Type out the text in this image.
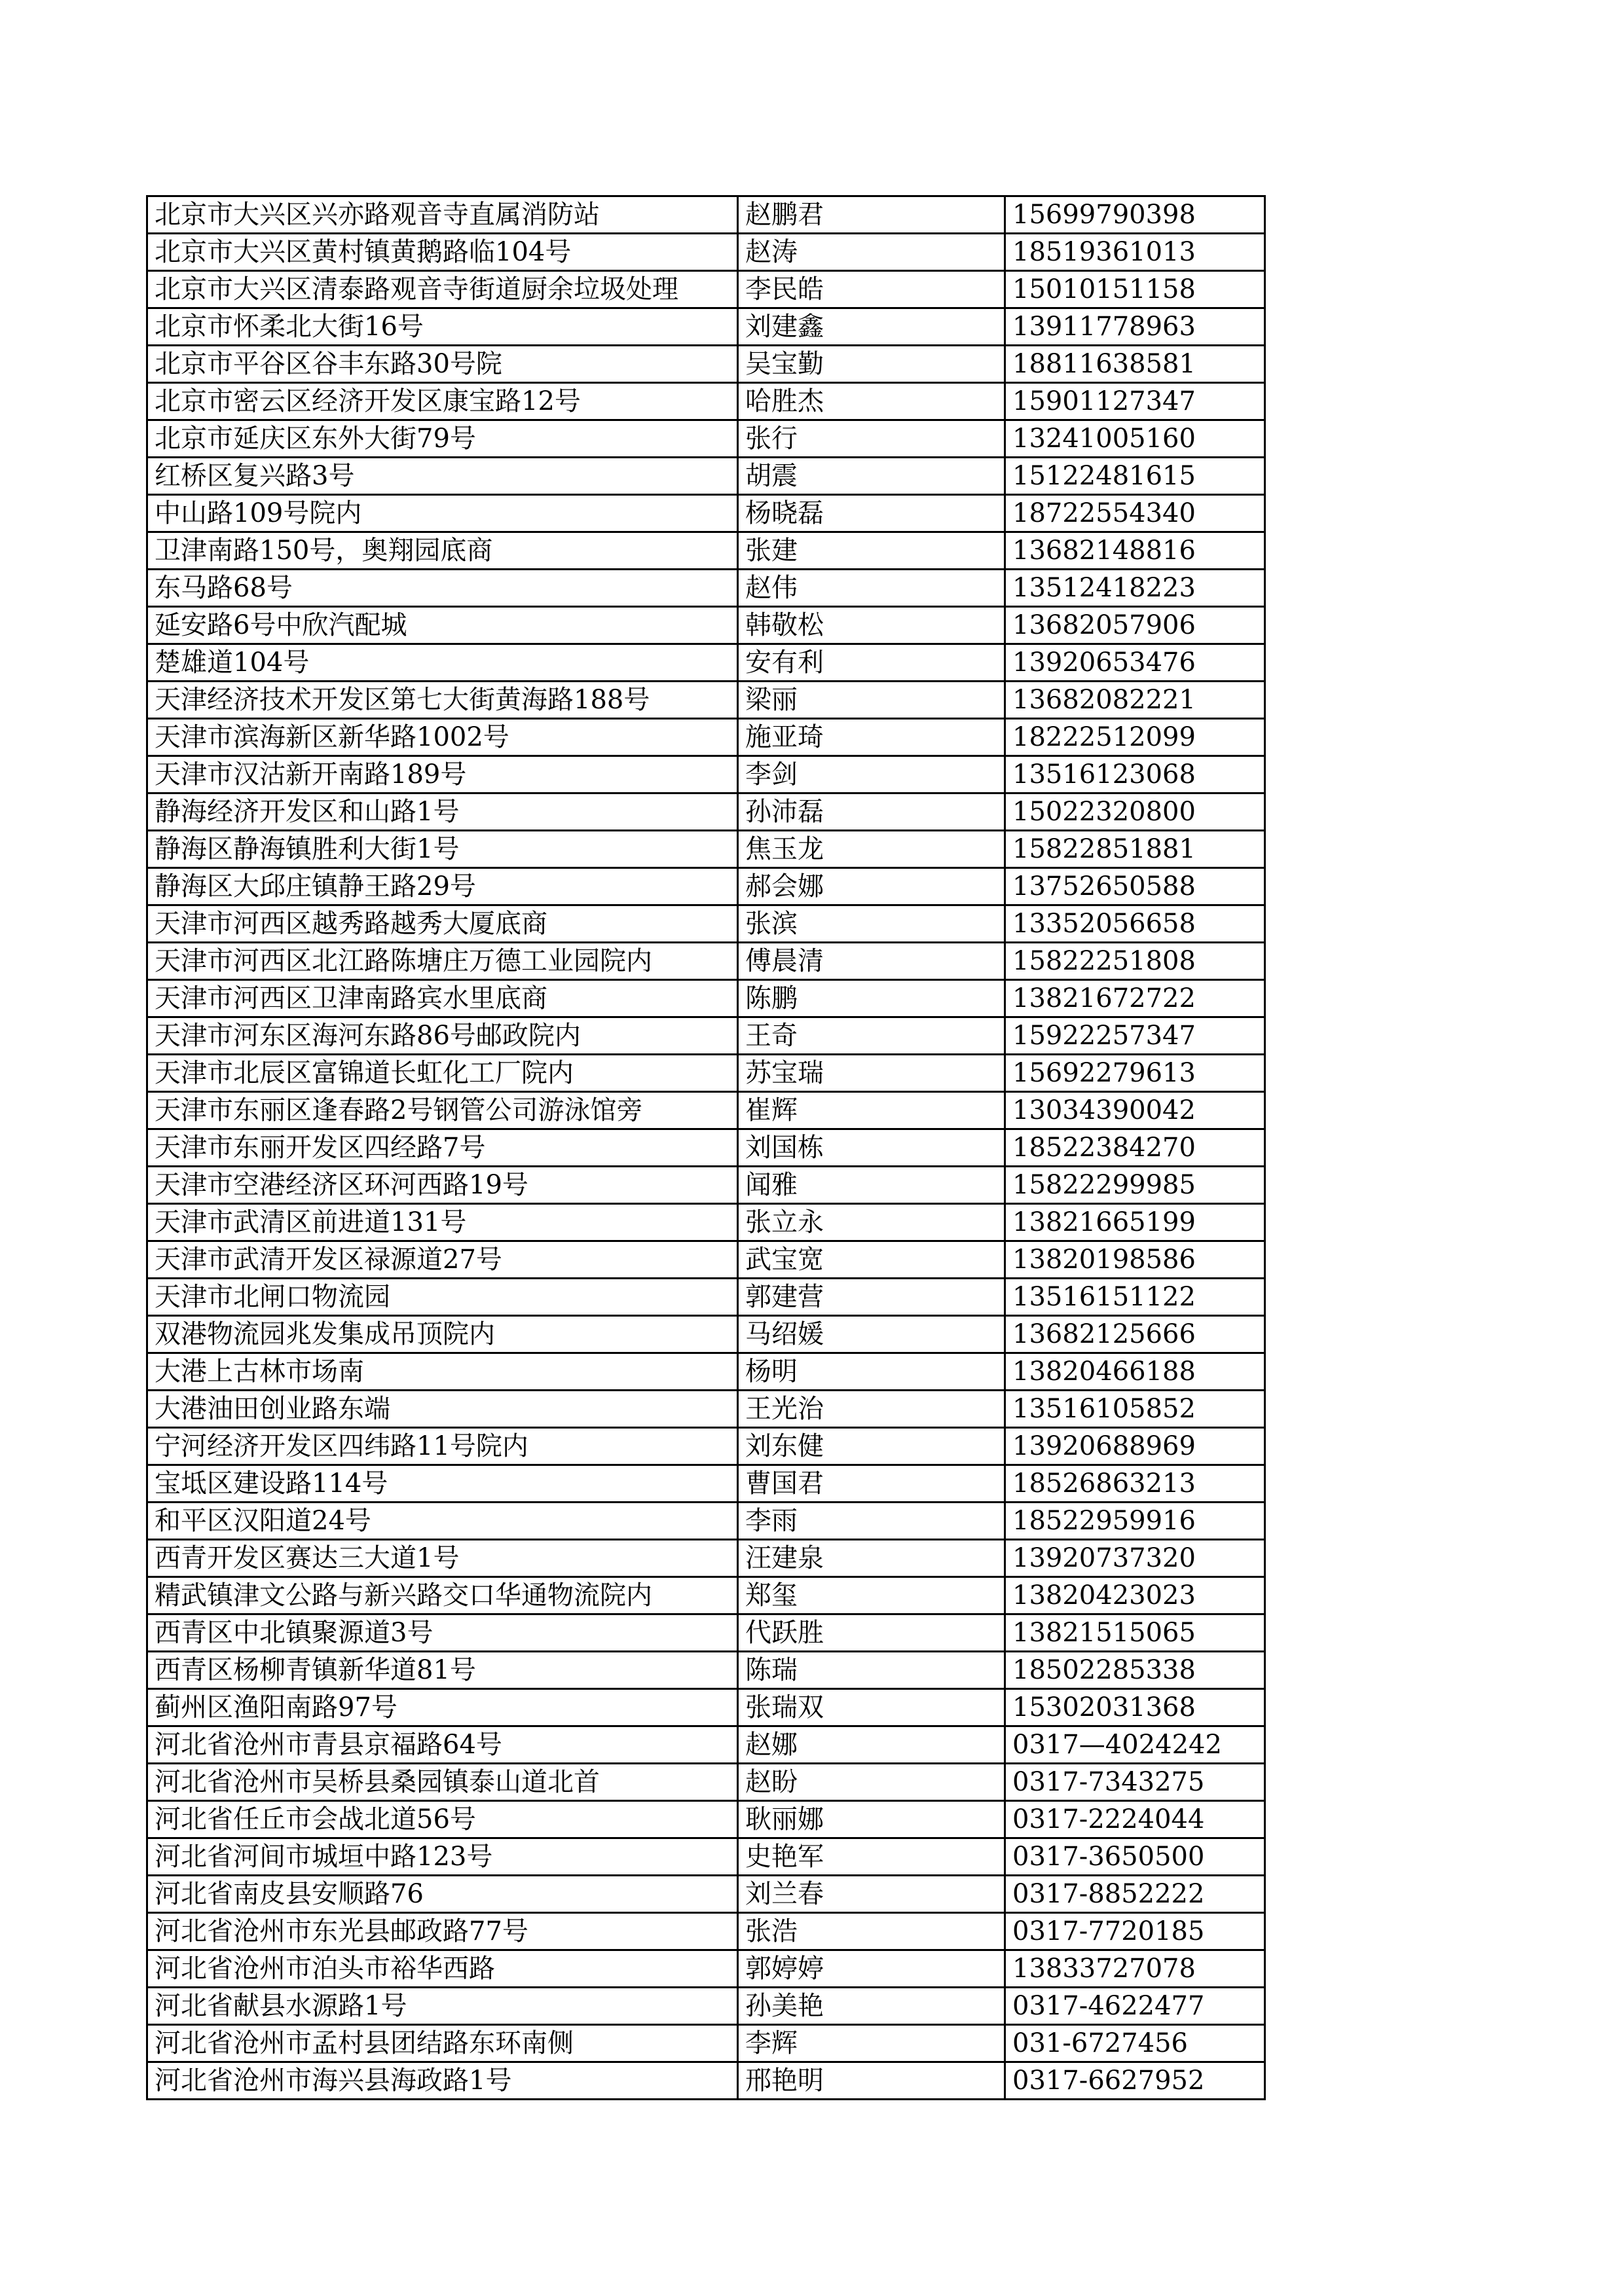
北京市大兴区兴亦路观音寺直属消防站	赵鹏君	15699790398
北京市大兴区黄村镇黄鹅路临104号	赵涛	18519361013
北京市大兴区清泰路观音寺街道厨余垃圾处理	李民皓	15010151158
北京市怀柔北大街16号	刘建鑫	13911778963
北京市平谷区谷丰东路30号院	吴宝勤	18811638581
北京市密云区经济开发区康宝路12号	哈胜杰	15901127347
北京市延庆区东外大街79号	张行	13241005160
红桥区复兴路3号	胡震	15122481615
中山路109号院内	杨晓磊	18722554340
卫津南路150号，奥翔园底商	张建	13682148816
东马路68号	赵伟	13512418223
延安路6号中欣汽配城	韩敬松	13682057906
楚雄道104号	安有利	13920653476
天津经济技术开发区第七大街黄海路188号	梁丽	13682082221
天津市滨海新区新华路1002号	施亚琦	18222512099
天津市汉沽新开南路189号	李剑	13516123068
静海经济开发区和山路1号	孙沛磊	15022320800
静海区静海镇胜利大街1号	焦玉龙	15822851881
静海区大邱庄镇静王路29号	郝会娜	13752650588
天津市河西区越秀路越秀大厦底商	张滨	13352056658
天津市河西区北江路陈塘庄万德工业园院内	傅晨清	15822251808
天津市河西区卫津南路宾水里底商	陈鹏	13821672722
天津市河东区海河东路86号邮政院内	王奇	15922257347
天津市北辰区富锦道长虹化工厂院内	苏宝瑞	15692279613
天津市东丽区逢春路2号钢管公司游泳馆旁	崔辉	13034390042
天津市东丽开发区四经路7号	刘国栋	18522384270
天津市空港经济区环河西路19号	闻雅	15822299985
天津市武清区前进道131号	张立永	13821665199
天津市武清开发区禄源道27号	武宝宽	13820198586
天津市北闸口物流园	郭建营	13516151122
双港物流园兆发集成吊顶院内	马绍媛	13682125666
大港上古林市场南	杨明	13820466188
大港油田创业路东端	王光治	13516105852
宁河经济开发区四纬路11号院内	刘东健	13920688969
宝坻区建设路114号	曹国君	18526863213
和平区汉阳道24号	李雨	18522959916
西青开发区赛达三大道1号	汪建泉	13920737320
精武镇津文公路与新兴路交口华通物流院内	郑玺	13820423023
西青区中北镇聚源道3号	代跃胜	13821515065
西青区杨柳青镇新华道81号	陈瑞	18502285338
蓟州区渔阳南路97号	张瑞双	15302031368
河北省沧州市青县京福路64号	赵娜	0317—4024242
河北省沧州市吴桥县桑园镇泰山道北首	赵盼	0317-7343275
河北省任丘市会战北道56号	耿丽娜	0317-2224044
河北省河间市城垣中路123号	史艳军	0317-3650500
河北省南皮县安顺路76	刘兰春	0317-8852222
河北省沧州市东光县邮政路77号	张浩	0317-7720185
河北省沧州市泊头市裕华西路	郭婷婷	13833727078
河北省献县水源路1号	孙美艳	0317-4622477
河北省沧州市孟村县团结路东环南侧	李辉	031-6727456
河北省沧州市海兴县海政路1号	邢艳明	0317-6627952
